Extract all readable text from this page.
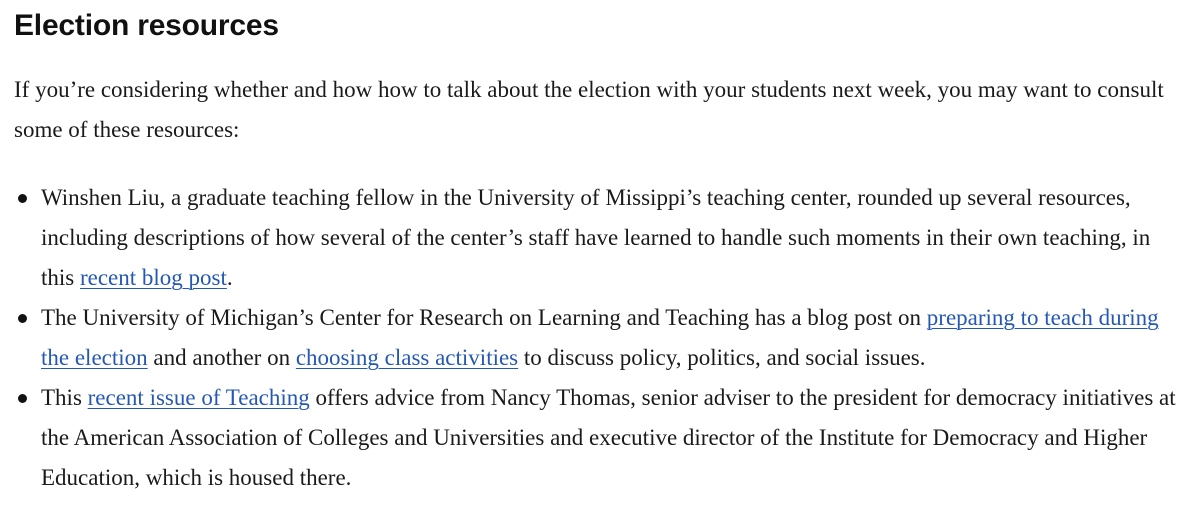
Election resources

If you’re considering whether and how how to talk about the election with your students next week, you may want to consult some of these resources:

Winshen Liu, a graduate teaching fellow in the University of Missippi’s teaching center, rounded up several resources, including descriptions of how several of the center’s staff have learned to handle such moments in their own teaching, in this recent blog post.
The University of Michigan’s Center for Research on Learning and Teaching has a blog post on preparing to teach during the election and another on choosing class activities to discuss policy, politics, and social issues.
This recent issue of Teaching offers advice from Nancy Thomas, senior adviser to the president for democracy initiatives at the American Association of Colleges and Universities and executive director of the Institute for Democracy and Higher Education, which is housed there.
